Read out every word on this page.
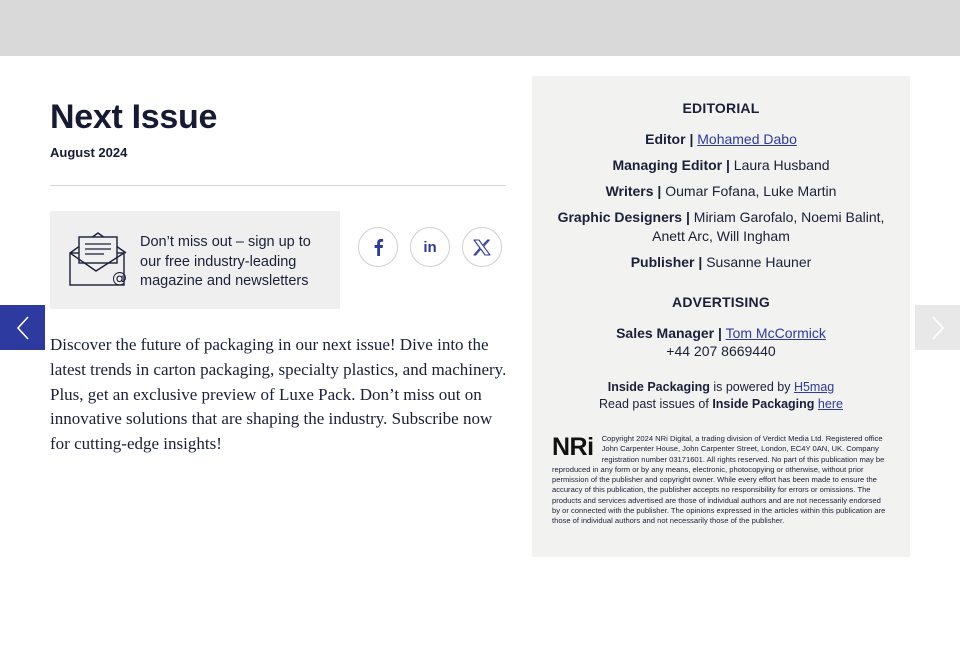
Next Issue
August 2024
@
Don’t miss out – sign up to our free industry-leading magazine and newsletters
in

Discover the future of packaging in our next issue! Dive into the latest trends in carton packaging, specialty plastics, and machinery. Plus, get an exclusive preview of Luxe Pack. Don’t miss out on innovative solutions that are shaping the industry. Subscribe now for cutting-edge insights!

EDITORIAL
Editor | Mohamed Dabo
Managing Editor | Laura Husband
Writers | Oumar Fofana, Luke Martin
Graphic Designers | Miriam Garofalo, Noemi Balint,
Anett Arc, Will Ingham
Publisher | Susanne Hauner
ADVERTISING
Sales Manager | Tom McCormick
+44 207 8669440
Inside Packaging is powered by H5mag
Read past issues of Inside Packaging here
NRi Copyright 2024 NRi Digital, a trading division of Verdict Media Ltd. Registered office John Carpenter House, John Carpenter Street, London, EC4Y 0AN, UK. Company registration number 03171601. All rights reserved. No part of this publication may be reproduced in any form or by any means, electronic, photocopying or otherwise, without prior permission of the publisher and copyright owner. While every effort has been made to ensure the accuracy of this publication, the publisher accepts no responsibility for errors or omissions. The products and services advertised are those of individual authors and are not necessarily endorsed by or connected with the publisher. The opinions expressed in the articles within this publication are those of individual authors and not necessarily those of the publisher.
